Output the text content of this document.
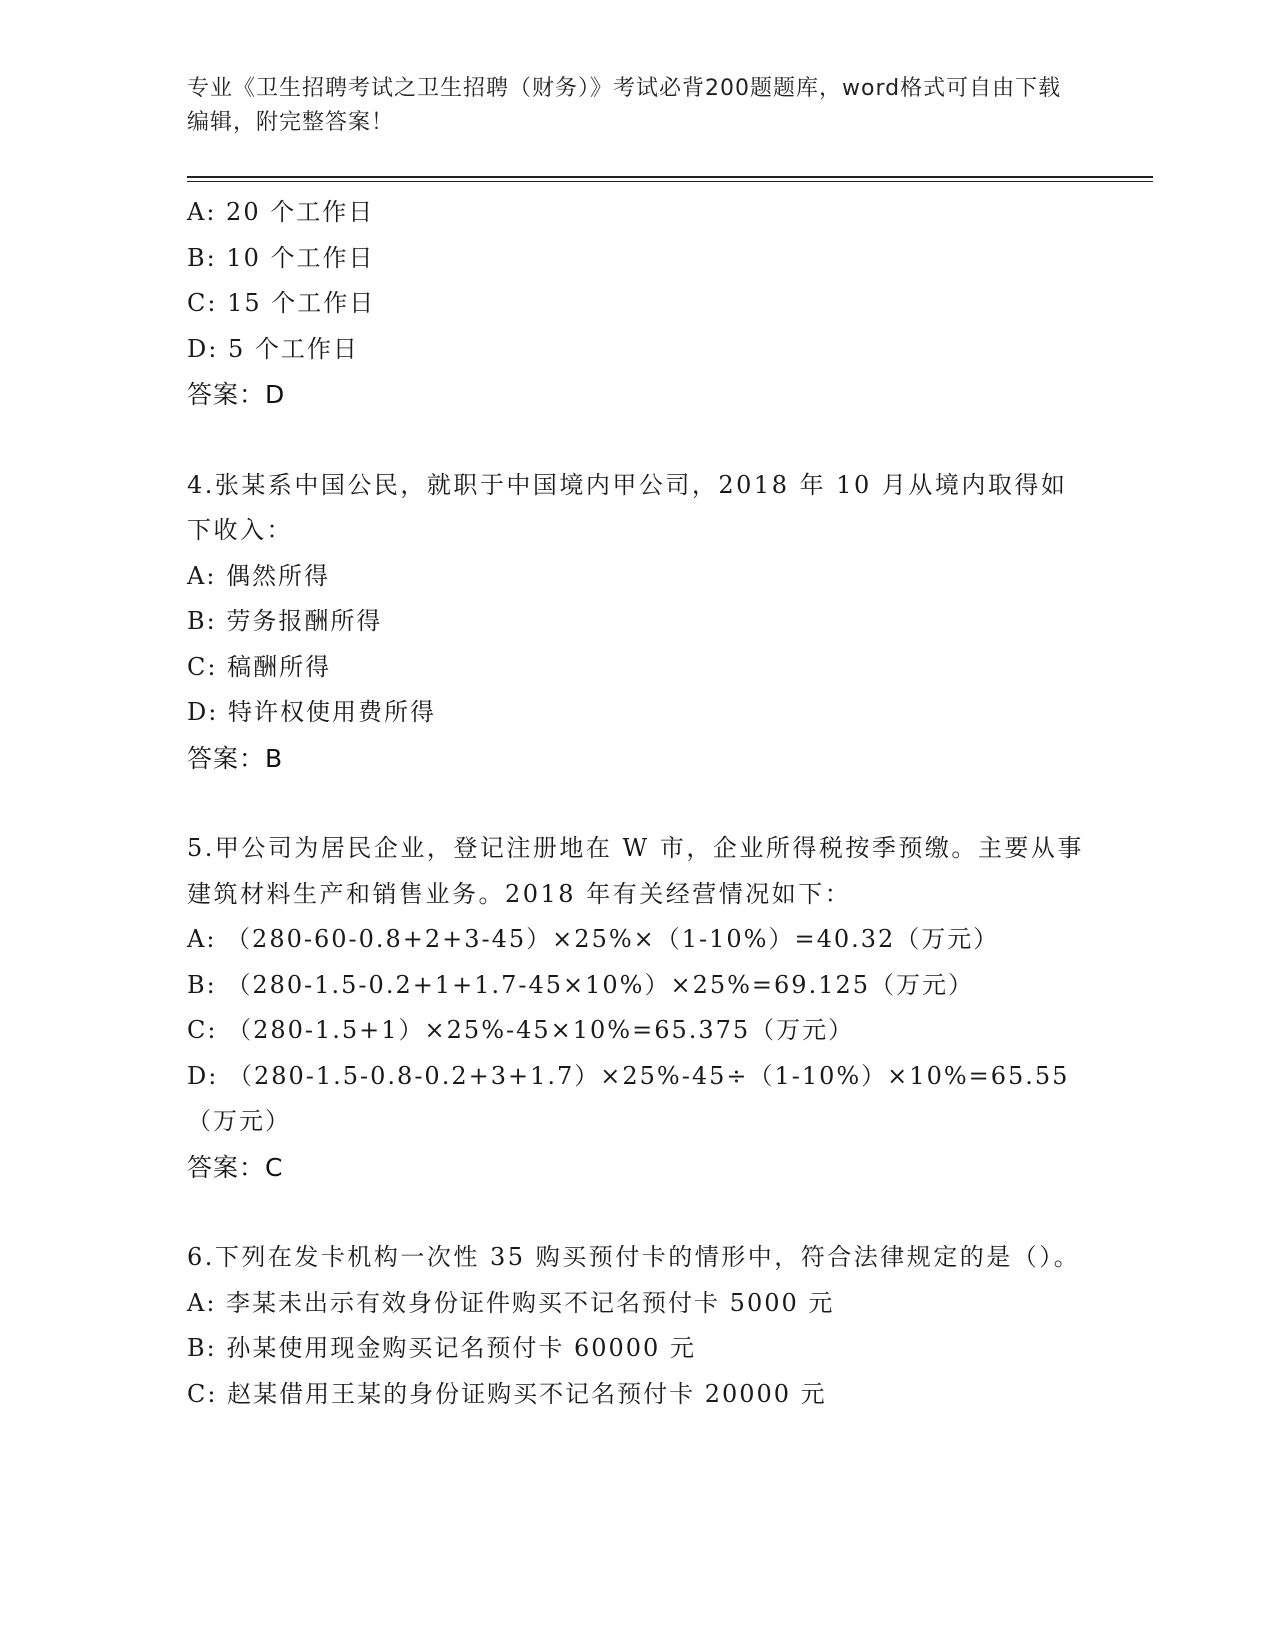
专业《卫生招聘考试之卫生招聘（财务）》考试必背200题题库，word格式可自由下载编辑，附完整答案！
A: 20 个工作日
B: 10 个工作日
C: 15 个工作日
D: 5 个工作日
答案：D
4.张某系中国公民，就职于中国境内甲公司，2018 年 10 月从境内取得如下收入：
A: 偶然所得
B: 劳务报酬所得
C: 稿酬所得
D: 特许权使用费所得
答案：B
5.甲公司为居民企业，登记注册地在 W 市，企业所得税按季预缴。主要从事建筑材料生产和销售业务。2018 年有关经营情况如下：
A: （280-60-0.8+2+3-45）×25%×（1-10%）=40.32（万元）
B: （280-1.5-0.2+1+1.7-45×10%）×25%=69.125（万元）
C: （280-1.5+1）×25%-45×10%=65.375（万元）
D: （280-1.5-0.8-0.2+3+1.7）×25%-45÷（1-10%）×10%=65.55（万元）
答案：C
6.下列在发卡机构一次性 35 购买预付卡的情形中，符合法律规定的是（）。
A: 李某未出示有效身份证件购买不记名预付卡 5000 元
B: 孙某使用现金购买记名预付卡 60000 元
C: 赵某借用王某的身份证购买不记名预付卡 20000 元
